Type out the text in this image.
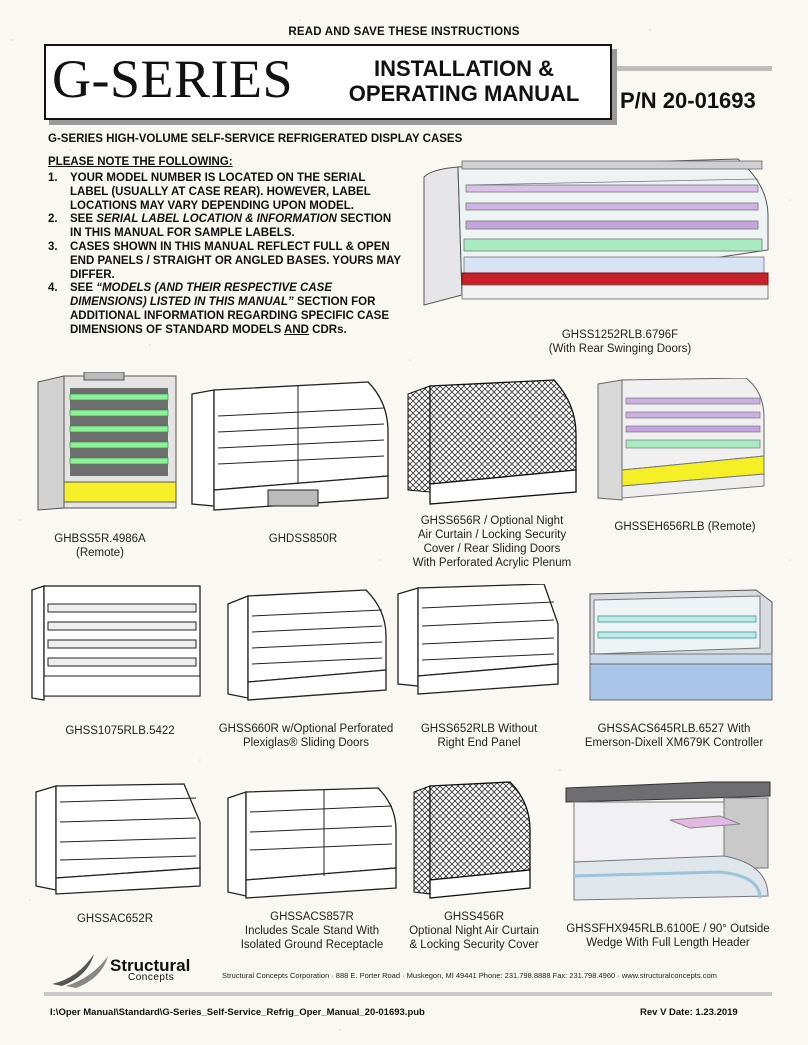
READ AND SAVE THESE INSTRUCTIONS
G-SERIES	INSTALLATION &
OPERATING MANUAL	P/N 20-01693
G-SERIES HIGH-VOLUME SELF-SERVICE REFRIGERATED DISPLAY CASES
PLEASE NOTE THE FOLLOWING:
1. YOUR MODEL NUMBER IS LOCATED ON THE SERIAL LABEL (USUALLY AT CASE REAR). HOWEVER, LABEL LOCATIONS MAY VARY DEPENDING UPON MODEL.
2. SEE SERIAL LABEL LOCATION & INFORMATION SECTION IN THIS MANUAL FOR SAMPLE LABELS.
3. CASES SHOWN IN THIS MANUAL REFLECT FULL & OPEN END PANELS / STRAIGHT OR ANGLED BASES. YOURS MAY DIFFER.
4. SEE “MODELS (AND THEIR RESPECTIVE CASE DIMENSIONS) LISTED IN THIS MANUAL” SECTION FOR ADDITIONAL INFORMATION REGARDING SPECIFIC CASE DIMENSIONS OF STANDARD MODELS AND CDRs.	GHSS1252RLB.6796F
(With Rear Swinging Doors)
GHBSS5R.4986A
(Remote)
GHDSS850R
GHSS656R / Optional Night
Air Curtain / Locking Security
Cover / Rear Sliding Doors
With Perforated Acrylic Plenum
GHSSEH656RLB (Remote)
GHSS1075RLB.5422	GHSS660R w/Optional Perforated
Plexiglas® Sliding Doors
GHSS652RLB Without
Right End Panel
GHSSACS645RLB.6527 With
Emerson-Dixell XM679K Controller
GHSSAC652R	GHSSACS857R
Includes Scale Stand With
Isolated Ground Receptacle
GHSS456R
Optional Night Air Curtain
& Locking Security Cover
GHSSFHX945RLB.6100E / 90° Outside
Wedge With Full Length Header
Structural
Concepts	Structural Concepts Corporation · 888 E. Porter Road · Muskegon, MI 49441 Phone: 231.798.8888 Fax: 231.798.4960 · www.structuralconcepts.com
I:\Oper Manual\Standard\G-Series_Self-Service_Refrig_Oper_Manual_20-01693.pub	Rev V Date: 1.23.2019
